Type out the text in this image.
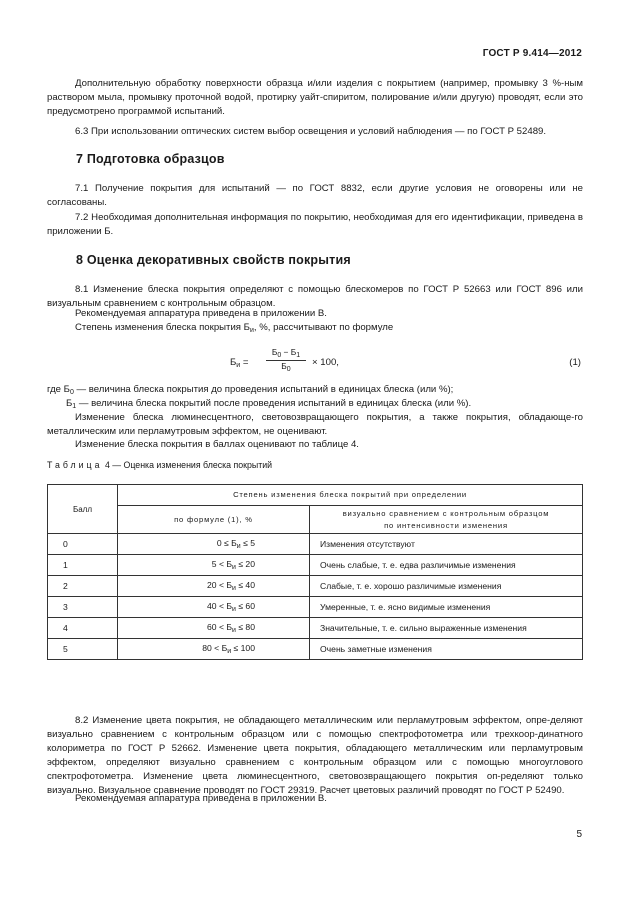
ГОСТ Р 9.414—2012
Дополнительную обработку поверхности образца и/или изделия с покрытием (например, промывку 3 %-ным раствором мыла, промывку проточной водой, протирку уайт-спиритом, полирование и/или другую) проводят, если это предусмотрено программой испытаний.
6.3 При использовании оптических систем выбор освещения и условий наблюдения — по ГОСТ Р 52489.
7 Подготовка образцов
7.1 Получение покрытия для испытаний — по ГОСТ 8832, если другие условия не оговорены или не согласованы.
7.2 Необходимая дополнительная информация по покрытию, необходимая для его идентификации, приведена в приложении Б.
8 Оценка декоративных свойств покрытия
8.1 Изменение блеска покрытия определяют с помощью блескомеров по ГОСТ Р 52663 или ГОСТ 896 или визуальным сравнением с контрольным образцом.
Рекомендуемая аппаратура приведена в приложении В.
Степень изменения блеска покрытия $Б_и$, %, рассчитывают по формуле
$Б_и$ =
$Б_0 - Б_1$
$Б_0$
× 100,	(1)
где $Б_0$ — величина блеска покрытия до проведения испытаний в единицах блеска (или %);
$Б_1$ — величина блеска покрытий после проведения испытаний в единицах блеска (или %).
Изменение блеска люминесцентного, световозвращающего покрытия, а также покрытия, обладающе-го металлическим или перламутровым эффектом, не оценивают.
Изменение блеска покрытия в баллах оценивают по таблице 4.
Таблица 4 — Оценка изменения блеска покрытий
Балл	Степень изменения блеска покрытий при определении	
	по формуле (1), %	визуально сравнением с контрольным образцом
по интенсивности изменения

0	$0 \le Б_и \le 5$	Изменения отсутствуют
1	$5 < Б_и \le 20$	Очень слабые, т. е. едва различимые изменения
2	$20 < Б_и \le 40$	Слабые, т. е. хорошо различимые изменения
3	$40 < Б_и \le 60$	Умеренные, т. е. ясно видимые изменения
4	$60 < Б_и \le 80$	Значительные, т. е. сильно выраженные изменения
5	$80 < Б_и \le 100$	Очень заметные изменения
8.2 Изменение цвета покрытия, не обладающего металлическим или перламутровым эффектом, опре-деляют визуально сравнением с контрольным образцом или с помощью спектрофотометра или трехкоор-динатного колориметра по ГОСТ Р 52662. Изменение цвета покрытия, обладающего металлическим или перламутровым эффектом, определяют визуально сравнением с контрольным образцом или с помощью многоуглового спектрофотометра. Изменение цвета люминесцентного, световозвращающего покрытия оп-ределяют только визуально. Визуальное сравнение проводят по ГОСТ 29319. Расчет цветовых различий проводят по ГОСТ Р 52490.
Рекомендуемая аппаратура приведена в приложении В.
5
